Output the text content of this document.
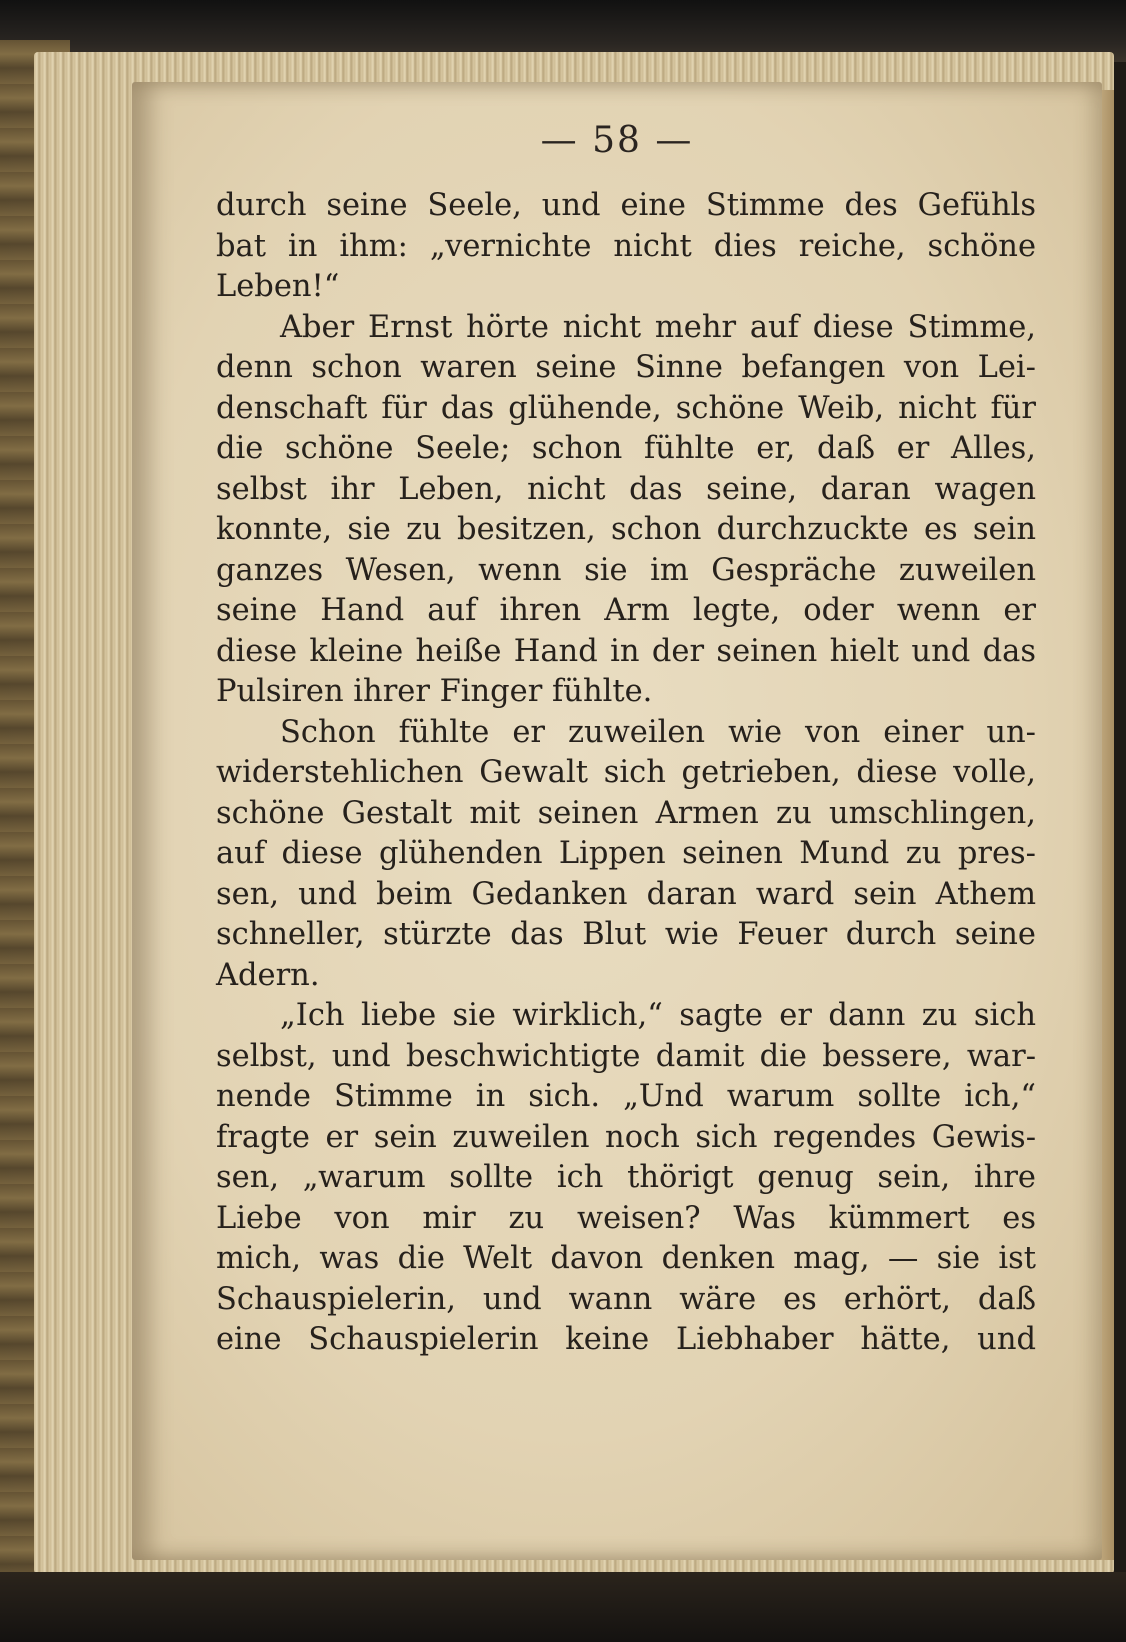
— 58 —
durch seine Seele, und eine Stimme des Gefühls
bat in ihm: „vernichte nicht dies reiche, schöne
Leben!“
Aber Ernst hörte nicht mehr auf diese Stimme,
denn schon waren seine Sinne befangen von Lei-
denschaft für das glühende, schöne Weib, nicht für
die schöne Seele; schon fühlte er, daß er Alles,
selbst ihr Leben, nicht das seine, daran wagen
konnte, sie zu besitzen, schon durchzuckte es sein
ganzes Wesen, wenn sie im Gespräche zuweilen
seine Hand auf ihren Arm legte, oder wenn er
diese kleine heiße Hand in der seinen hielt und das
Pulsiren ihrer Finger fühlte.
Schon fühlte er zuweilen wie von einer un-
widerstehlichen Gewalt sich getrieben, diese volle,
schöne Gestalt mit seinen Armen zu umschlingen,
auf diese glühenden Lippen seinen Mund zu pres-
sen, und beim Gedanken daran ward sein Athem
schneller, stürzte das Blut wie Feuer durch seine
Adern.
„Ich liebe sie wirklich,“ sagte er dann zu sich
selbst, und beschwichtigte damit die bessere, war-
nende Stimme in sich. „Und warum sollte ich,“
fragte er sein zuweilen noch sich regendes Gewis-
sen, „warum sollte ich thörigt genug sein, ihre
Liebe von mir zu weisen? Was kümmert es
mich, was die Welt davon denken mag, — sie ist
Schauspielerin, und wann wäre es erhört, daß
eine Schauspielerin keine Liebhaber hätte, und
